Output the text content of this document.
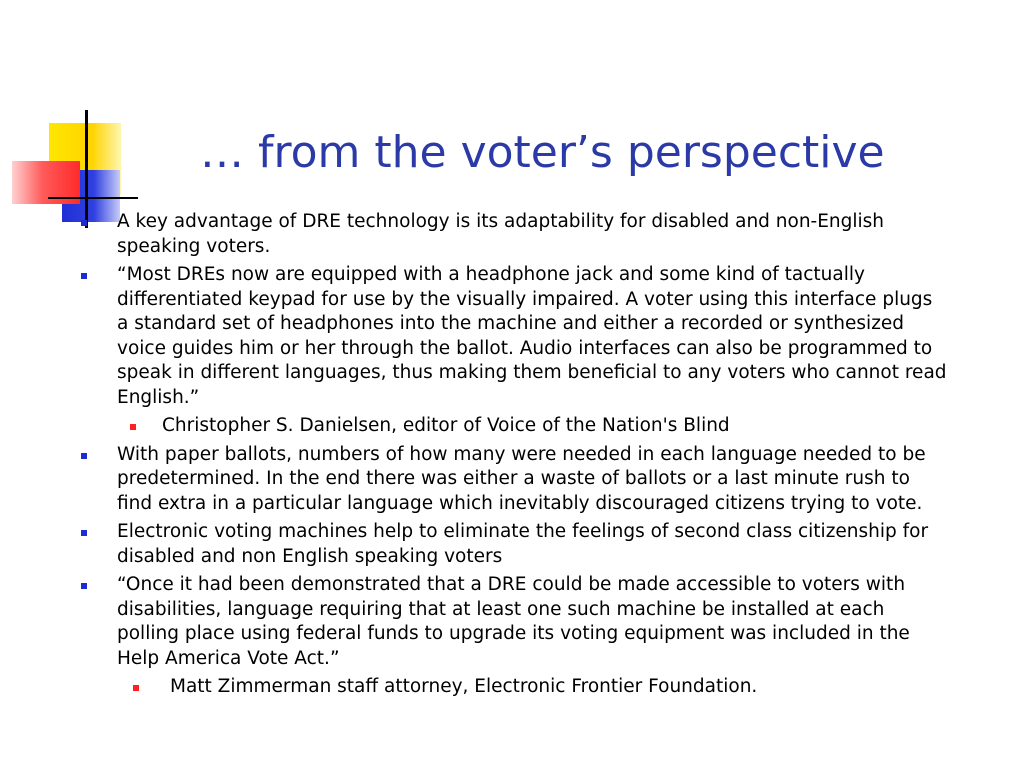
… from the voter’s perspective
A key advantage of DRE technology is its adaptability for disabled and non-English speaking voters.
“Most DREs now are equipped with a headphone jack and some kind of tactually differentiated keypad for use by the visually impaired. A voter using this interface plugs a standard set of headphones into the machine and either a recorded or synthesized voice guides him or her through the ballot. Audio interfaces can also be programmed to speak in different languages, thus making them beneficial to any voters who cannot read English.”
Christopher S. Danielsen, editor of Voice of the Nation's Blind
With paper ballots, numbers of how many were needed in each language needed to be predetermined. In the end there was either a waste of ballots or a last minute rush to find extra in a particular language which inevitably discouraged citizens trying to vote.
Electronic voting machines help to eliminate the feelings of second class citizenship for disabled and non English speaking voters
“Once it had been demonstrated that a DRE could be made accessible to voters with disabilities, language requiring that at least one such machine be installed at each polling place using federal funds to upgrade its voting equipment was included in the Help America Vote Act.”
Matt Zimmerman staff attorney, Electronic Frontier Foundation.
